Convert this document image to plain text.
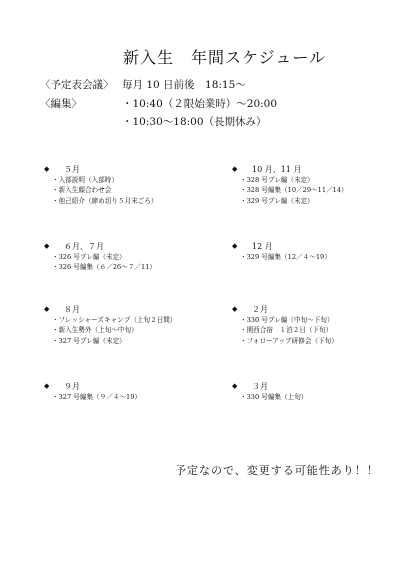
新入生　年間スケジュール
〈予定表会議〉 毎月 10 日前後　18:15〜
〈編集〉	・10:40（２限始業時）〜20:00
・10:30〜18:00（長期休み）
◆	５月
・入部説明（入部時）
・新入生顔合わせ会
・他己紹介（締め切り５月末ごろ）
◆	６月、７月
・326 号プレ編（未定）
・326 号編集（６／26〜７／11）
◆	８月
・フレッシャーズキャンプ（上旬２日間）
・新入生勢外（上旬〜中旬）
・327 号プレ編（未定）
◆	９月
・327 号編集（９／４〜19）
◆	10 月、11 月
・328 号プレ編（未定）
・328 号編集（10／29〜11／14）
・329 号プレ編（未定）
◆	12 月
・329 号編集（12／４〜19）
◆	２月
・330 号プレ編（中旬〜下旬）
・関西合宿　１泊２日（下旬）
・フォローアップ研修会（下旬）
◆	３月
・330 号編集（上旬）
予定なので、変更する可能性あり！！
